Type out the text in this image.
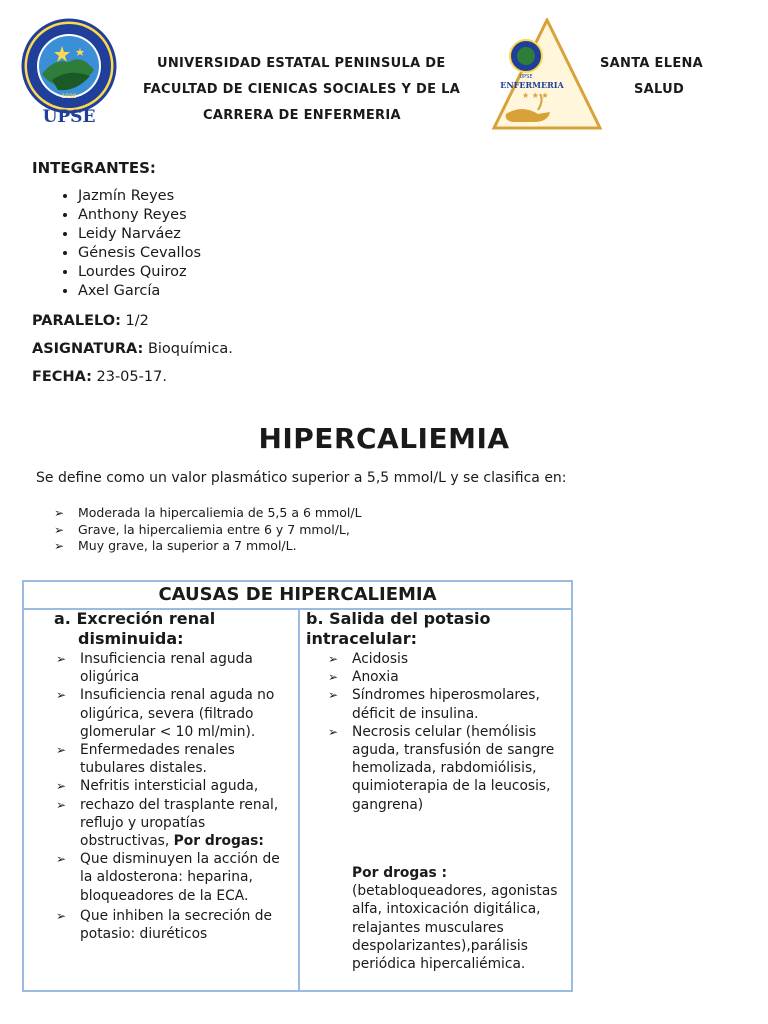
1998
UPSE
UNIVERSIDAD ESTATAL PENINSULA DE	SANTA ELENA
FACULTAD DE CIENICAS SOCIALES Y DE LA	SALUD
CARRERA DE ENFERMERIA
UPSE
ENFERMERIA
★ ★ ★
INTEGRANTES:
• Jazmín Reyes
• Anthony Reyes
• Leidy Narváez
• Génesis Cevallos
• Lourdes Quiroz
• Axel García
PARALELO: 1/2
ASIGNATURA: Bioquímica.
FECHA: 23-05-17.
HIPERCALIEMIA
Se define como un valor plasmático superior a 5,5 mmol/L y se clasifica en:
➢ Moderada la hipercaliemia de 5,5 a 6 mmol/L
➢ Grave, la hipercaliemia entre 6 y 7 mmol/L,
➢ Muy grave, la superior a 7 mmol/L.
CAUSAS DE HIPERCALIEMIA
a. Excreción renal
disminuida:
➢ Insuficiencia renal aguda oligúrica
➢ Insuficiencia renal aguda no oligúrica, severa (filtrado glomerular < 10 ml/min).
➢ Enfermedades renales tubulares distales.
➢ Nefritis intersticial aguda,
➢ rechazo del trasplante renal, reflujo y uropatías obstructivas, Por drogas:
➢ Que disminuyen la acción de la aldosterona: heparina, bloqueadores de la ECA.
➢ Que inhiben la secreción de potasio: diuréticos
b. Salida del potasio
intracelular:
➢ Acidosis
➢ Anoxia
➢ Síndromes hiperosmolares, déficit de insulina.
➢ Necrosis celular (hemólisis aguda, transfusión de sangre hemolizada, rabdomiólisis, quimioterapia de la leucosis, gangrena)
Por drogas :
(betabloqueadores, agonistas alfa, intoxicación digitálica, relajantes musculares despolarizantes),parálisis periódica hipercaliémica.
